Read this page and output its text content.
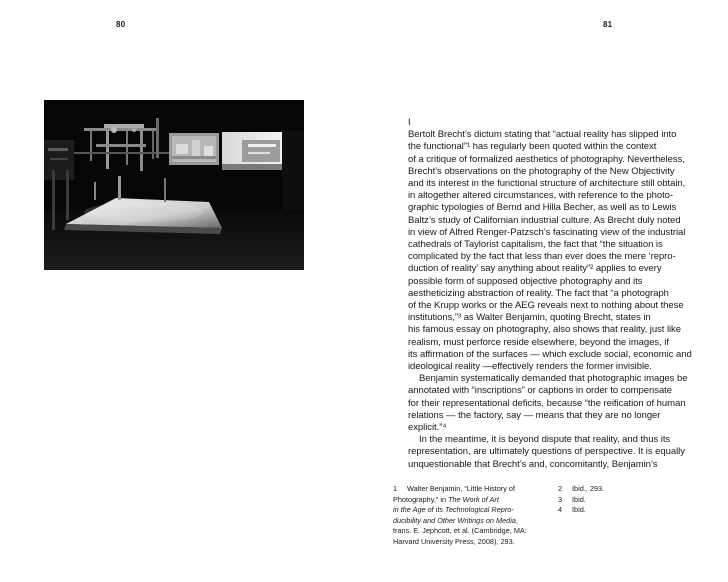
80	81
I
Bertolt Brecht’s dictum stating that “actual reality has slipped into
the functional”¹ has regularly been quoted within the context
of a critique of formalized aesthetics of photography. Nevertheless,
Brecht’s observations on the photography of the New Objectivity
and its interest in the functional structure of architecture still obtain,
in altogether altered circumstances, with reference to the photo-
graphic typologies of Bernd and Hilla Becher, as well as to Lewis
Baltz’s study of Californian industrial culture. As Brecht duly noted
in view of Alfred Renger-Patzsch’s fascinating view of the industrial
cathedrals of Taylorist capitalism, the fact that “the situation is
complicated by the fact that less than ever does the mere ‘repro-
duction of reality’ say anything about reality”² applies to every
possible form of supposed objective photography and its
aestheticizing abstraction of reality. The fact that “a photograph
of the Krupp works or the AEG reveals next to nothing about these
institutions,”³ as Walter Benjamin, quoting Brecht, states in
his famous essay on photography, also shows that reality, just like
realism, must perforce reside elsewhere, beyond the images, if
its affirmation of the surfaces — which exclude social, economic and
ideological reality —effectively renders the former invisible.
Benjamin systematically demanded that photographic images be
annotated with “inscriptions” or captions in order to compensate
for their representational deficits, because “the reification of human
relations — the factory, say — means that they are no longer
explicit.”⁴
In the meantime, it is beyond dispute that reality, and thus its
representation, are ultimately questions of perspective. It is equally
unquestionable that Brecht’s and, concomitantly, Benjamin’s
1 Walter Benjamin, “Little History of
Photography,” in The Work of Art
in the Age of its Technological Repro-
ducibility and Other Writings on Media,
trans. E. Jephcott, et al. (Cambridge, MA:
Harvard University Press, 2008), 293.
2 Ibid., 293.
3 Ibid.
4 Ibid.
